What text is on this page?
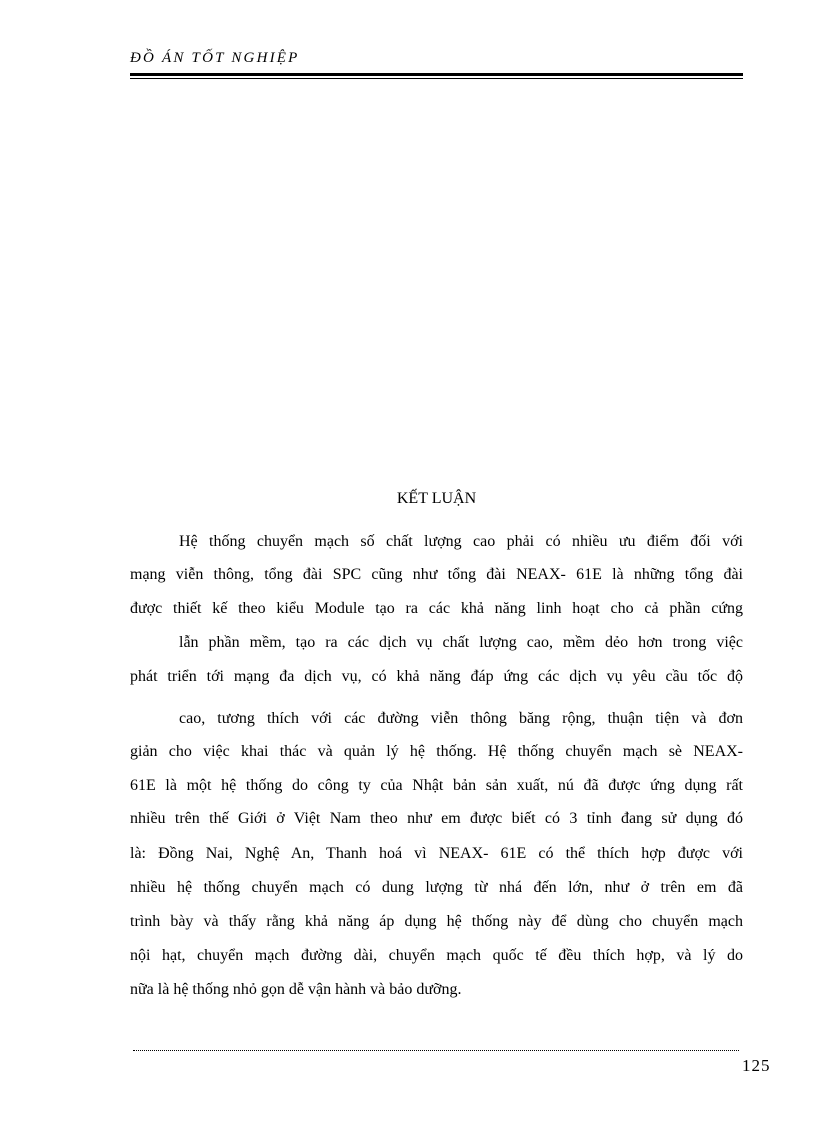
ĐỒ ÁN TỐT NGHIỆP
KẾT LUẬN
Hệ thống chuyển mạch số chất lượng cao phải có nhiều ưu điểm đối với
mạng viễn thông, tổng đài SPC cũng như tổng đài NEAX- 61E là những tổng đài
được thiết kế theo kiểu Module tạo ra các khả năng linh hoạt cho cả phần cứng
lẫn phần mềm, tạo ra các dịch vụ chất lượng cao, mềm dẻo hơn trong việc
phát triển tới mạng đa dịch vụ, có khả năng đáp ứng các dịch vụ yêu cầu tốc độ
cao, tương thích với các đường viễn thông băng rộng, thuận tiện và đơn
giản cho việc khai thác và quản lý hệ thống. Hệ thống chuyển mạch sè NEAX-
61E là một hệ thống do công ty của Nhật bản sản xuất, nú đã được ứng dụng rất
nhiều trên thế Giới ở Việt Nam theo như em được biết có 3 tỉnh đang sử dụng đó
là: Đồng Nai, Nghệ An, Thanh hoá vì NEAX- 61E có thể thích hợp được với
nhiều hệ thống chuyển mạch có dung lượng từ nhá đến lớn, như ở trên em đã
trình bày và thấy rằng khả năng áp dụng hệ thống này để dùng cho chuyển mạch
nội hạt, chuyển mạch đường dài, chuyển mạch quốc tế đều thích hợp, và lý do
nữa là hệ thống nhỏ gọn dễ vận hành và bảo dưỡng.
125
